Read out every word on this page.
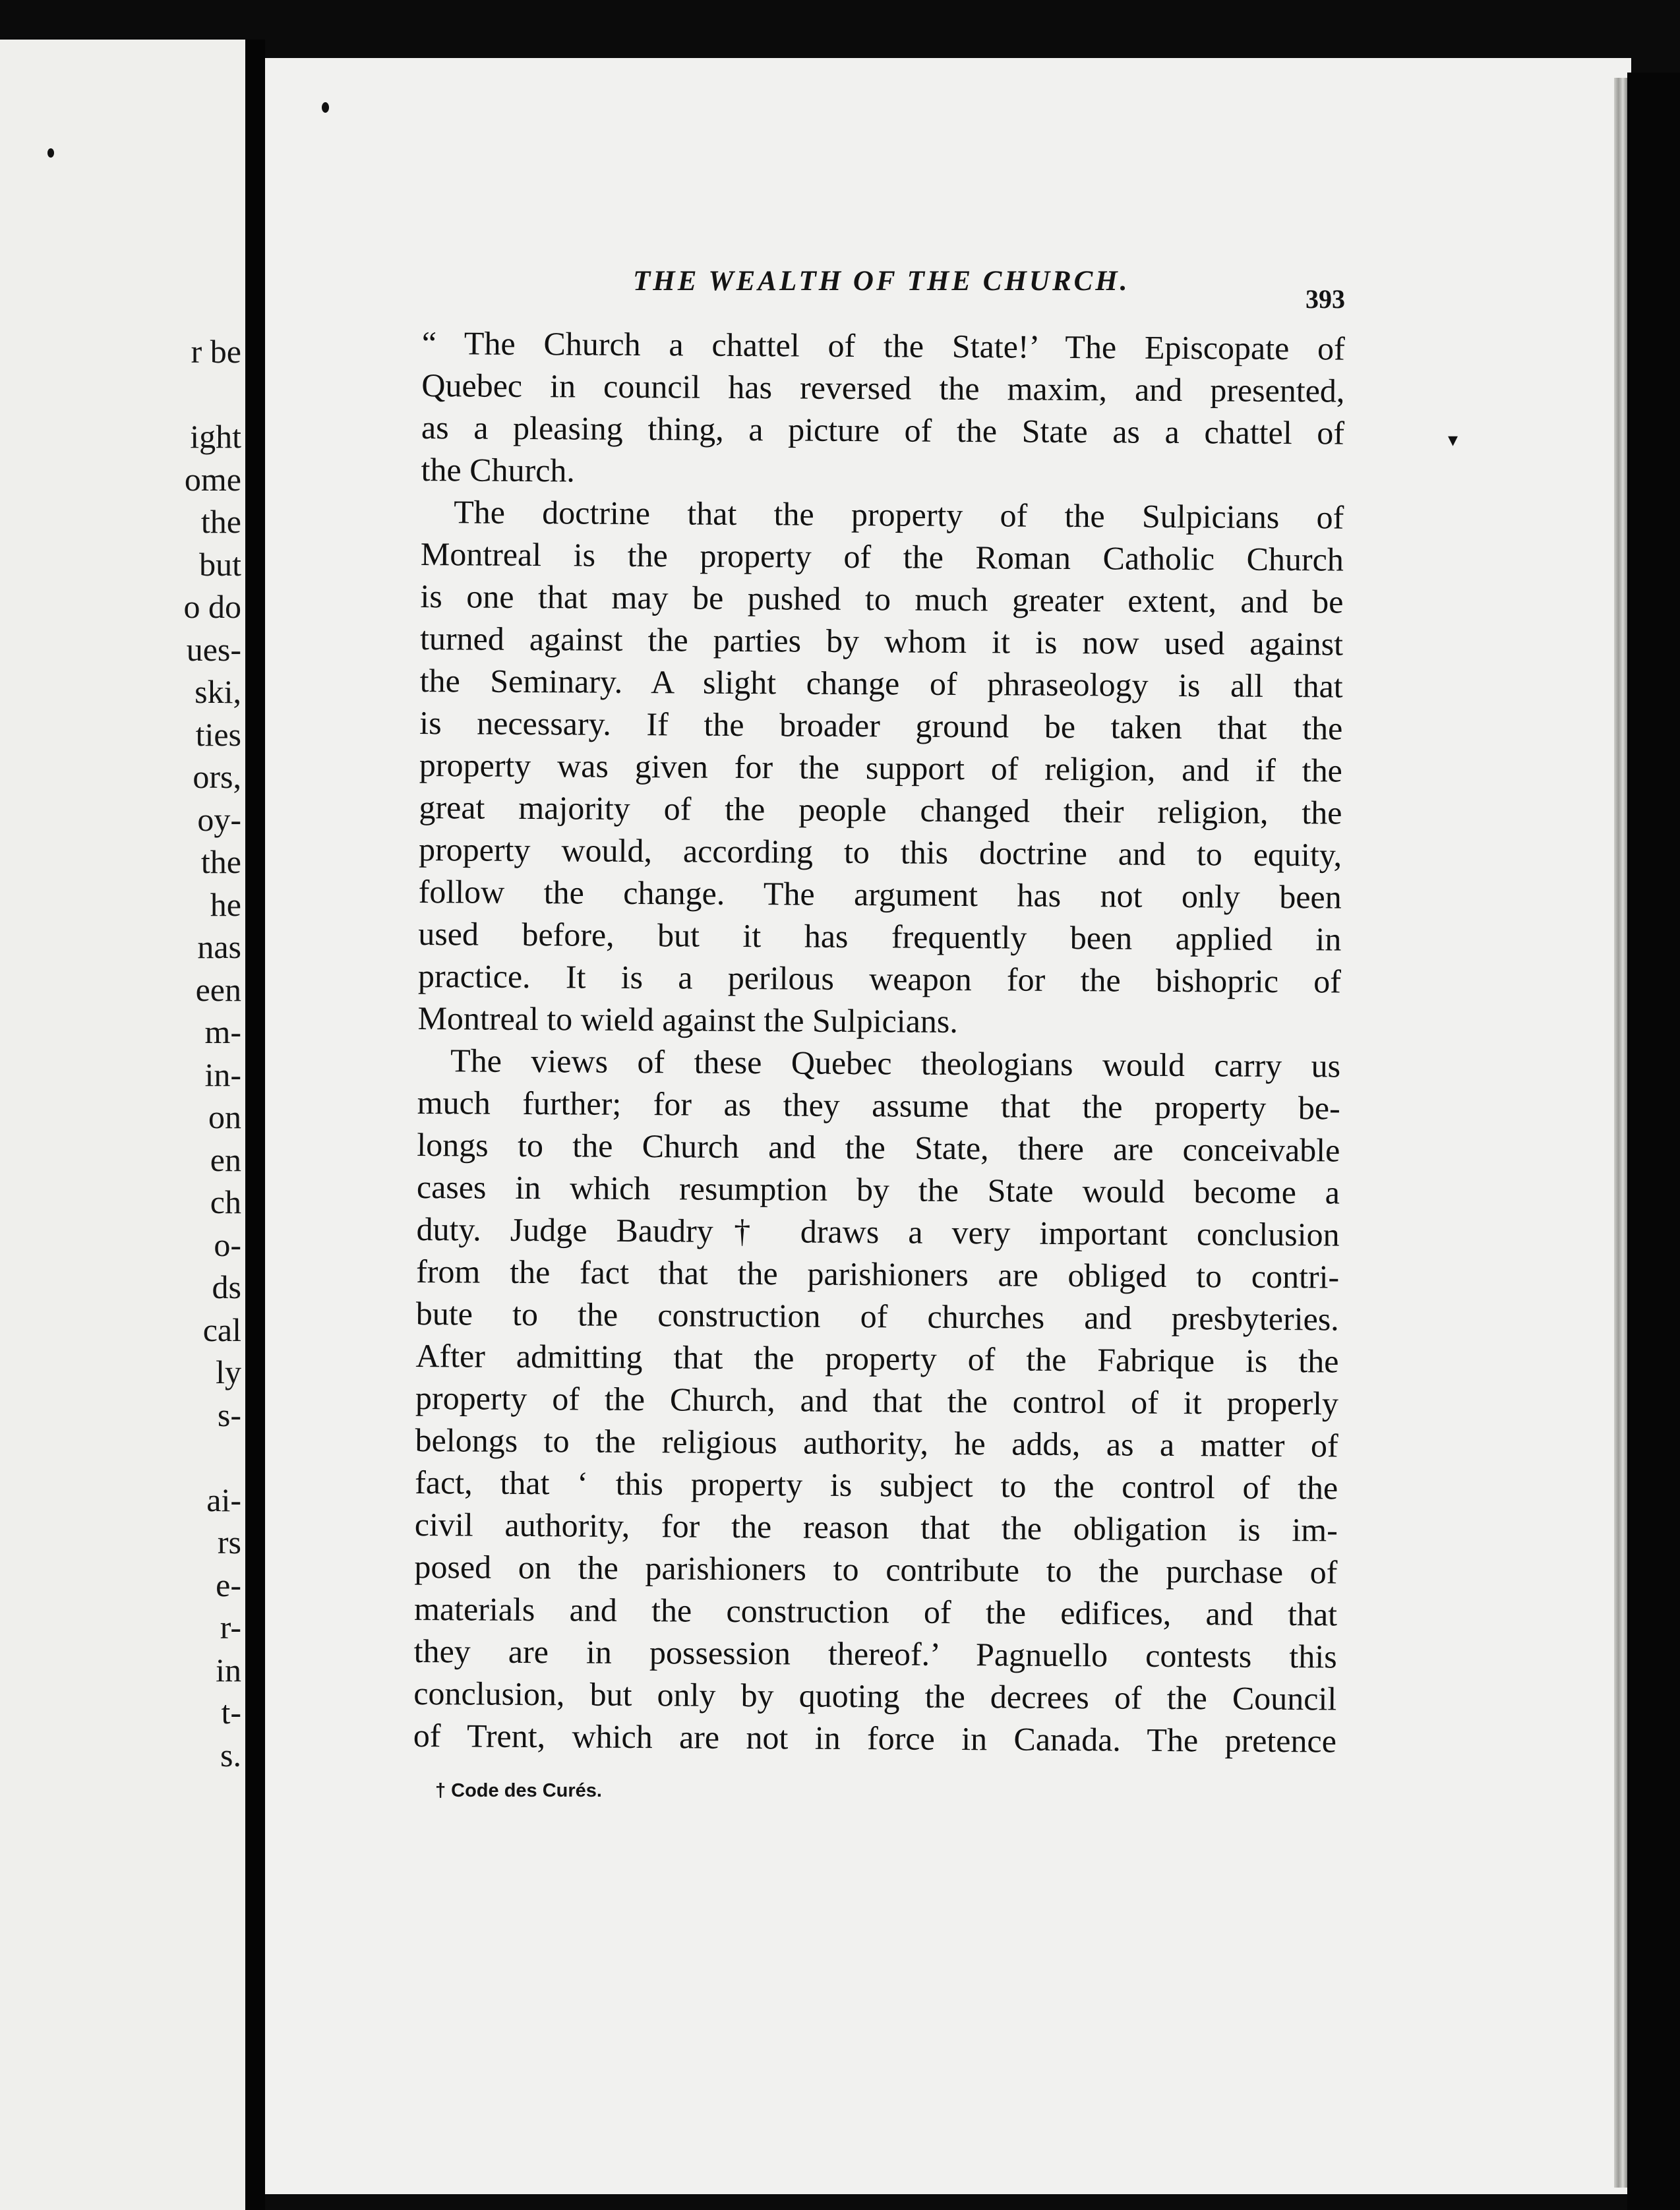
r be
ight
ome
the
but
o do
ues-
ski,
ties
ors,
oy-
the
he
nas
een
m-
in-
on
en
ch
o-
ds
cal
ly
s-
ai-
rs
e-
r-
in
t-
s.
▾
THE WEALTH OF THE CHURCH.
393
“ The Church a chattel of the State!’ The Episcopate of
Quebec in council has reversed the maxim, and presented,
as a pleasing thing, a picture of the State as a chattel of
the Church.
The doctrine that the property of the Sulpicians of
Montreal is the property of the Roman Catholic Church
is one that may be pushed to much greater extent, and be
turned against the parties by whom it is now used against
the Seminary. A slight change of phraseology is all that
is necessary. If the broader ground be taken that the
property was given for the support of religion, and if the
great majority of the people changed their religion, the
property would, according to this doctrine and to equity,
follow the change. The argument has not only been
used before, but it has frequently been applied in
practice. It is a perilous weapon for the bishopric of
Montreal to wield against the Sulpicians.
The views of these Quebec theologians would carry us
much further; for as they assume that the property be-
longs to the Church and the State, there are conceivable
cases in which resumption by the State would become a
duty. Judge Baudry† draws a very important conclusion
from the fact that the parishioners are obliged to contri-
bute to the construction of churches and presbyteries.
After admitting that the property of the Fabrique is the
property of the Church, and that the control of it properly
belongs to the religious authority, he adds, as a matter of
fact, that ‘ this property is subject to the control of the
civil authority, for the reason that the obligation is im-
posed on the parishioners to contribute to the purchase of
materials and the construction of the edifices, and that
they are in possession thereof.’ Pagnuello contests this
conclusion, but only by quoting the decrees of the Council
of Trent, which are not in force in Canada. The pretence
† Code des Curés.
